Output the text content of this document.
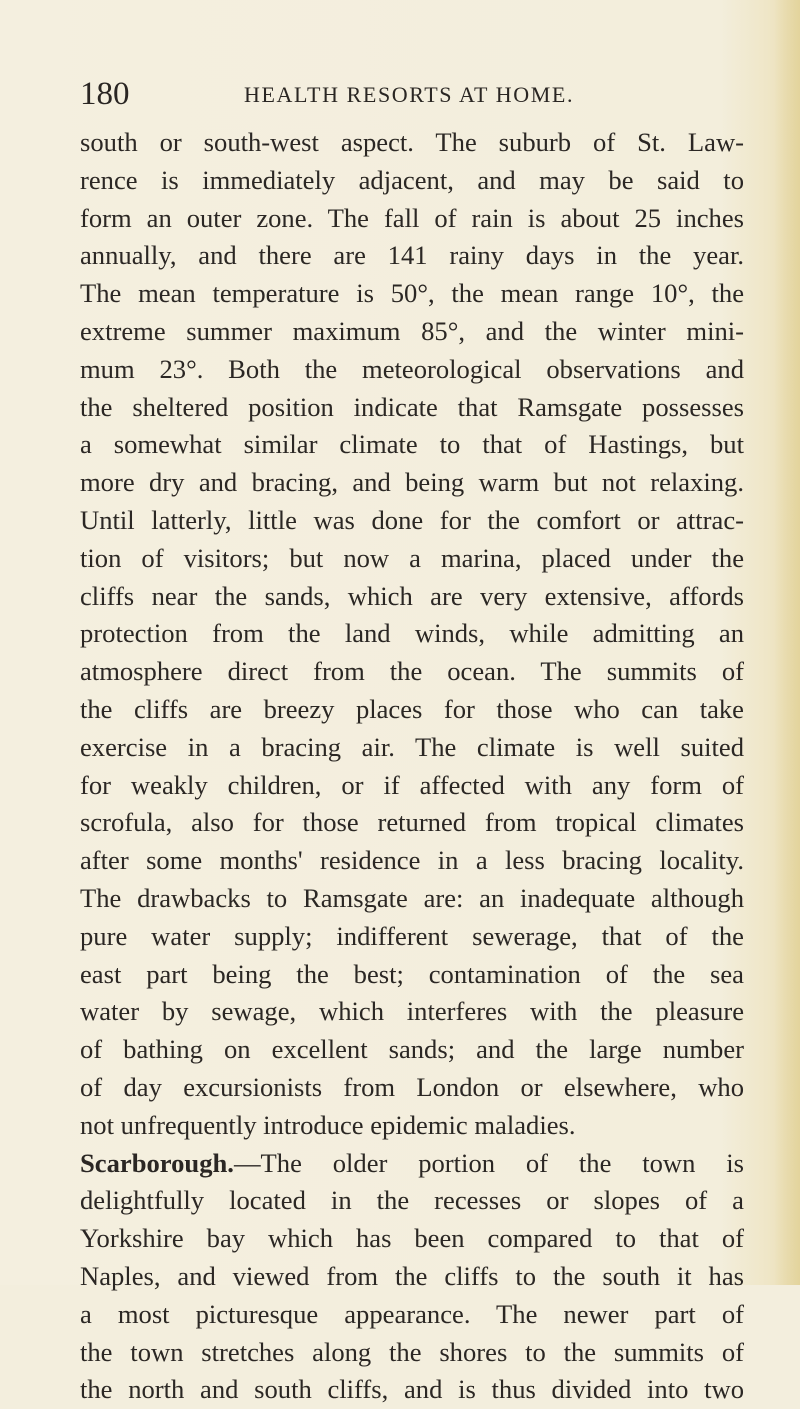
180	HEALTH RESORTS AT HOME.
south or south-west aspect. The suburb of St. Law-
rence is immediately adjacent, and may be said to
form an outer zone. The fall of rain is about 25 inches
annually, and there are 141 rainy days in the year.
The mean temperature is 50°, the mean range 10°, the
extreme summer maximum 85°, and the winter mini-
mum 23°. Both the meteorological observations and
the sheltered position indicate that Ramsgate possesses
a somewhat similar climate to that of Hastings, but
more dry and bracing, and being warm but not relaxing.
Until latterly, little was done for the comfort or attrac-
tion of visitors; but now a marina, placed under the
cliffs near the sands, which are very extensive, affords
protection from the land winds, while admitting an
atmosphere direct from the ocean. The summits of
the cliffs are breezy places for those who can take
exercise in a bracing air. The climate is well suited
for weakly children, or if affected with any form of
scrofula, also for those returned from tropical climates
after some months' residence in a less bracing locality.
The drawbacks to Ramsgate are: an inadequate although
pure water supply; indifferent sewerage, that of the
east part being the best; contamination of the sea
water by sewage, which interferes with the pleasure
of bathing on excellent sands; and the large number
of day excursionists from London or elsewhere, who
not unfrequently introduce epidemic maladies.
Scarborough.—The older portion of the town is
delightfully located in the recesses or slopes of a
Yorkshire bay which has been compared to that of
Naples, and viewed from the cliffs to the south it has
a most picturesque appearance. The newer part of
the town stretches along the shores to the summits of
the north and south cliffs, and is thus divided into two
